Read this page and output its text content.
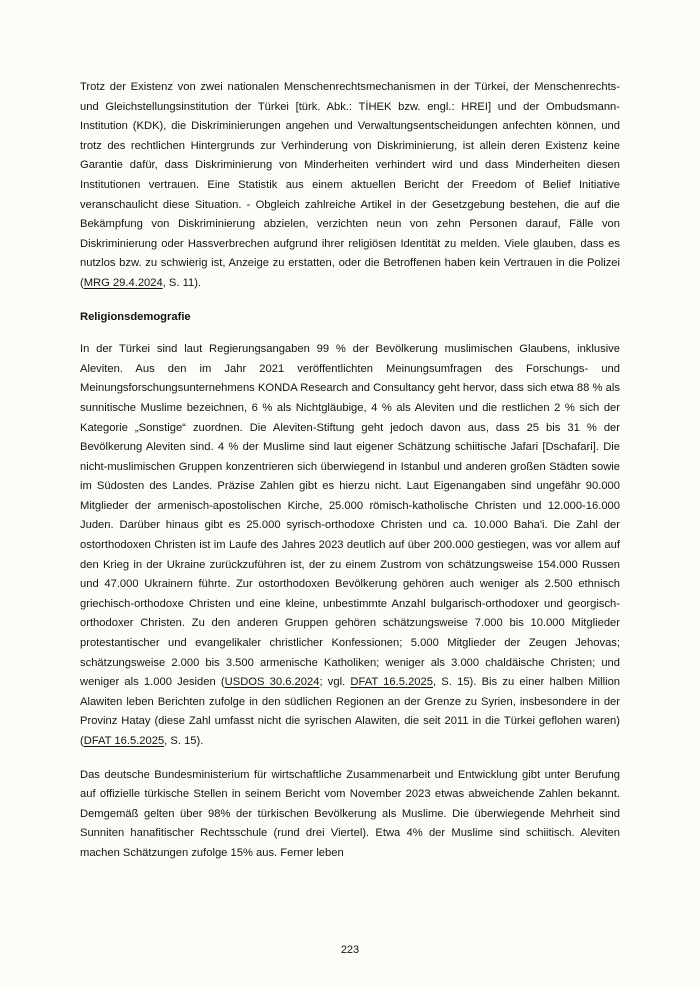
Trotz der Existenz von zwei nationalen Menschenrechtsmechanismen in der Türkei, der Menschenrechts- und Gleichstellungsinstitution der Türkei [türk. Abk.: TİHEK bzw. engl.: HREI] und der Ombudsmann-Institution (KDK), die Diskriminierungen angehen und Verwaltungsentscheidungen anfechten können, und trotz des rechtlichen Hintergrunds zur Verhinderung von Diskriminierung, ist allein deren Existenz keine Garantie dafür, dass Diskriminierung von Minderheiten verhindert wird und dass Minderheiten diesen Institutionen vertrauen. Eine Statistik aus einem aktuellen Bericht der Freedom of Belief Initiative veranschaulicht diese Situation. - Obgleich zahlreiche Artikel in der Gesetzgebung bestehen, die auf die Bekämpfung von Diskriminierung abzielen, verzichten neun von zehn Personen darauf, Fälle von Diskriminierung oder Hassverbrechen aufgrund ihrer religiösen Identität zu melden. Viele glauben, dass es nutzlos bzw. zu schwierig ist, Anzeige zu erstatten, oder die Betroffenen haben kein Vertrauen in die Polizei (MRG 29.4.2024, S. 11).

Religionsdemografie

In der Türkei sind laut Regierungsangaben 99 % der Bevölkerung muslimischen Glaubens, inklusive Aleviten. Aus den im Jahr 2021 veröffentlichten Meinungsumfragen des Forschungs- und Meinungsforschungsunternehmens KONDA Research and Consultancy geht hervor, dass sich etwa 88 % als sunnitische Muslime bezeichnen, 6 % als Nichtgläubige, 4 % als Aleviten und die restlichen 2 % sich der Kategorie „Sonstige“ zuordnen. Die Aleviten-Stiftung geht jedoch davon aus, dass 25 bis 31 % der Bevölkerung Aleviten sind. 4 % der Muslime sind laut eigener Schätzung schiitische Jafari [Dschafari]. Die nicht-muslimischen Gruppen konzentrieren sich überwiegend in Istanbul und anderen großen Städten sowie im Südosten des Landes. Präzise Zahlen gibt es hierzu nicht. Laut Eigenangaben sind ungefähr 90.000 Mitglieder der armenisch-apostolischen Kirche, 25.000 römisch-katholische Christen und 12.000-16.000 Juden. Darüber hinaus gibt es 25.000 syrisch-orthodoxe Christen und ca. 10.000 Baha'i. Die Zahl der ostorthodoxen Christen ist im Laufe des Jahres 2023 deutlich auf über 200.000 gestiegen, was vor allem auf den Krieg in der Ukraine zurückzuführen ist, der zu einem Zustrom von schätzungsweise 154.000 Russen und 47.000 Ukrainern führte. Zur ostorthodoxen Bevölkerung gehören auch weniger als 2.500 ethnisch griechisch-orthodoxe Christen und eine kleine, unbestimmte Anzahl bulgarisch-orthodoxer und georgisch-orthodoxer Christen. Zu den anderen Gruppen gehören schätzungsweise 7.000 bis 10.000 Mitglieder protestantischer und evangelikaler christlicher Konfessionen; 5.000 Mitglieder der Zeugen Jehovas; schätzungsweise 2.000 bis 3.500 armenische Katholiken; weniger als 3.000 chaldäische Christen; und weniger als 1.000 Jesiden (USDOS 30.6.2024; vgl. DFAT 16.5.2025, S. 15). Bis zu einer halben Million Alawiten leben Berichten zufolge in den südlichen Regionen an der Grenze zu Syrien, insbesondere in der Provinz Hatay (diese Zahl umfasst nicht die syrischen Alawiten, die seit 2011 in die Türkei geflohen waren) (DFAT 16.5.2025, S. 15).

Das deutsche Bundesministerium für wirtschaftliche Zusammenarbeit und Entwicklung gibt unter Berufung auf offizielle türkische Stellen in seinem Bericht vom November 2023 etwas abweichende Zahlen bekannt. Demgemäß gelten über 98% der türkischen Bevölkerung als Muslime. Die überwiegende Mehrheit sind Sunniten hanafitischer Rechtsschule (rund drei Viertel). Etwa 4% der Muslime sind schiitisch. Aleviten machen Schätzungen zufolge 15% aus. Ferner leben

223
